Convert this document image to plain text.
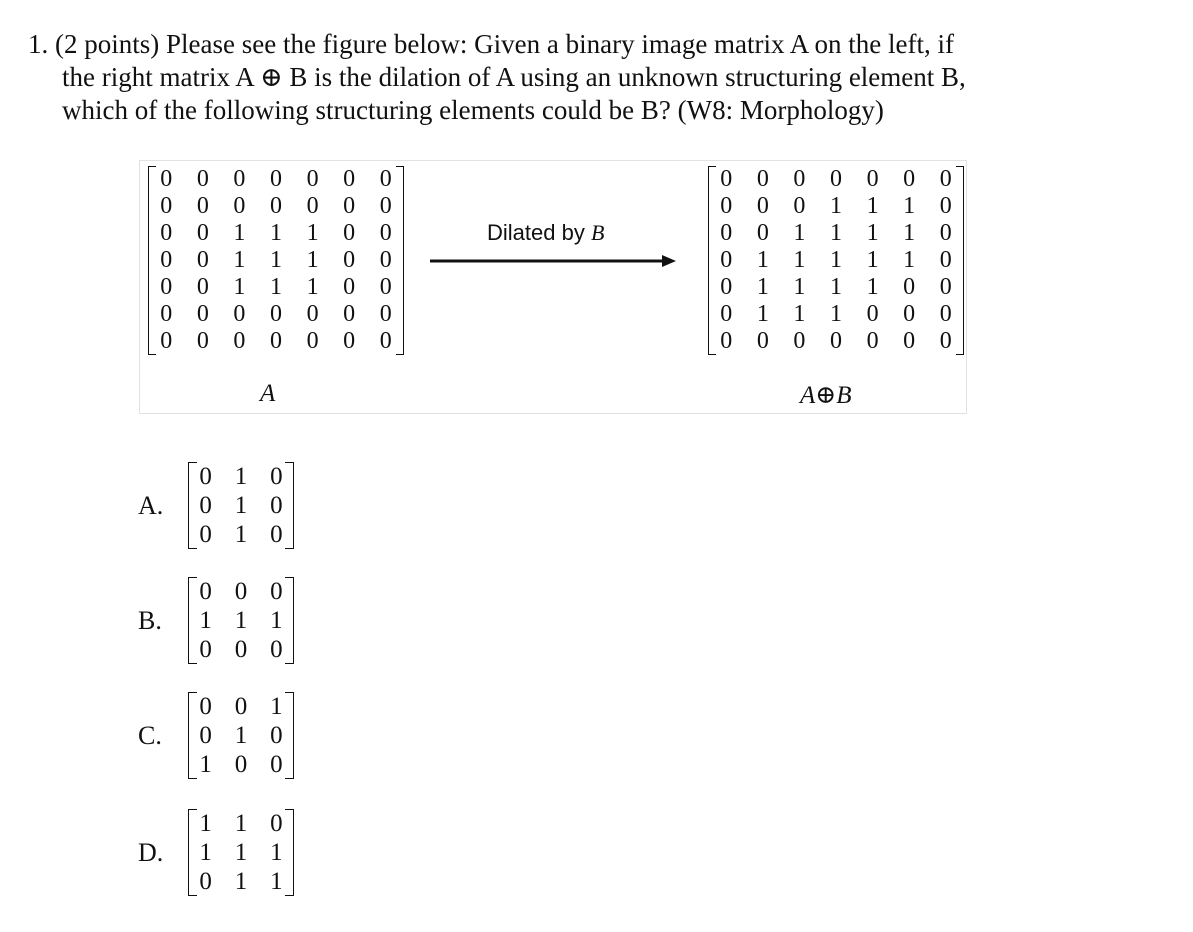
1. (2 points) Please see the figure below: Given a binary image matrix A on the left, if
the right matrix A ⊕ B is the dilation of A using an unknown structuring element B,
which of the following structuring elements could be B? (W8: Morphology)
0	0	0	0	0	0	0
0	0	0	0	0	0	0
0	0	1	1	1	0	0
0	0	1	1	1	0	0
0	0	1	1	1	0	0
0	0	0	0	0	0	0
0	0	0	0	0	0	0
A
Dilated by B
0	0	0	0	0	0	0
0	0	0	1	1	1	0
0	0	1	1	1	1	0
0	1	1	1	1	1	0
0	1	1	1	1	0	0
0	1	1	1	0	0	0
0	0	0	0	0	0	0
A⊕B
A.
0 1 0
0 1 0
0 1 0
B.
0 0 0
1 1 1
0 0 0
C.
0 0 1
0 1 0
1 0 0
D.
1 1 0
1 1 1
0 1 1
